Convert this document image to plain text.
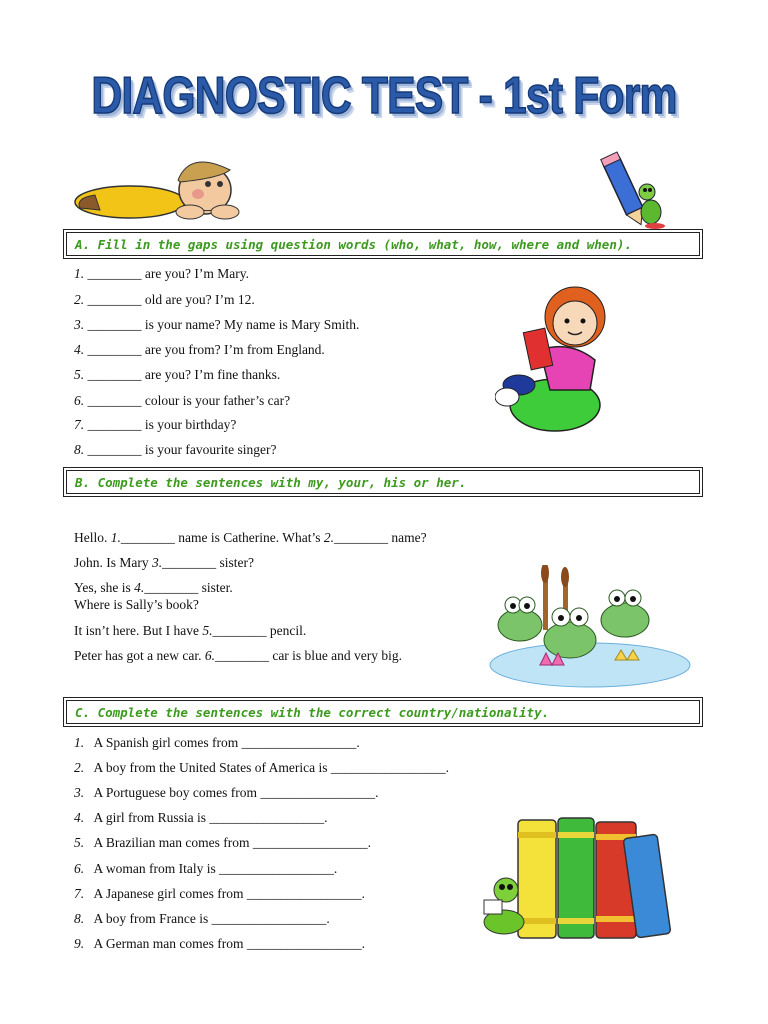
DIAGNOSTIC TEST - 1st Form
A. Fill in the gaps using question words (who, what, how, where and when).
1. ________ are you? I’m Mary.
2. ________ old are you? I’m 12.
3. ________ is your name? My name is Mary Smith.
4. ________ are you from? I’m from England.
5. ________ are you? I’m fine thanks.
6. ________ colour is your father’s car?
7. ________ is your birthday?
8. ________ is your favourite singer?
B. Complete the sentences with my, your, his or her.
Hello. 1.________ name is Catherine. What’s 2.________ name?
John. Is Mary 3.________ sister?
Yes, she is 4.________ sister.
Where is Sally’s book?
It isn’t here. But I have 5.________ pencil.
Peter has got a new car. 6.________ car is blue and very big.
C. Complete the sentences with the correct country/nationality.
1. A Spanish girl comes from _________________.
2. A boy from the United States of America is _________________.
3. A Portuguese boy comes from _________________.
4. A girl from Russia is _________________.
5. A Brazilian man comes from _________________.
6. A woman from Italy is _________________.
7. A Japanese girl comes from _________________.
8. A boy from France is _________________.
9. A German man comes from _________________.
